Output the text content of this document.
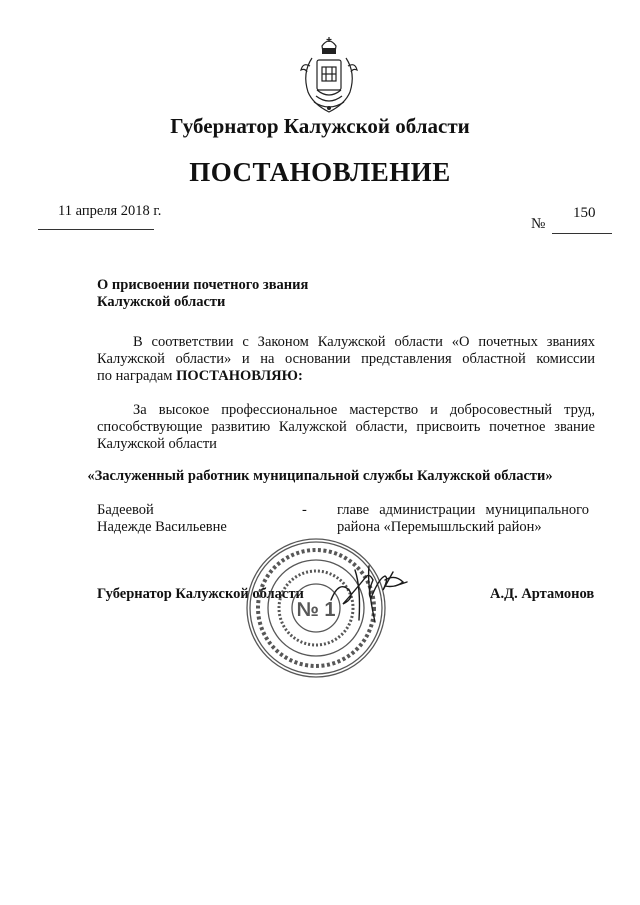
Губернатор Калужской области
ПОСТАНОВЛЕНИЕ
11 апреля 2018 г.	150
№
О присвоении почетного звания
Калужской области
В соответствии с Законом Калужской области «О почетных званиях
Калужской области» и на основании представления областной комиссии
по наградам ПОСТАНОВЛЯЮ:
За высокое профессиональное мастерство и добросовестный труд,
способствующие развитию Калужской области, присвоить почетное звание
Калужской области
«Заслуженный работник муниципальной службы Калужской области»
Бадеевой
Надежде Васильевне
- главе администрации муниципального
района «Перемышльский район»
Губернатор Калужской области	А.Д. Артамонов
№ 1
